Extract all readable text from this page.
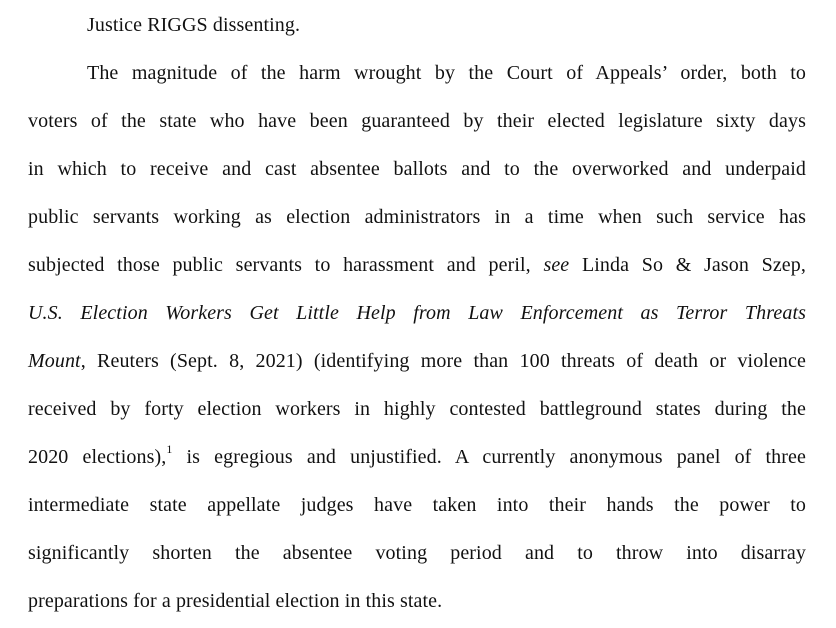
Justice RIGGS dissenting.
The magnitude of the harm wrought by the Court of Appeals’ order, both to
voters of the state who have been guaranteed by their elected legislature sixty days
in which to receive and cast absentee ballots and to the overworked and underpaid
public servants working as election administrators in a time when such service has
subjected those public servants to harassment and peril, see Linda So & Jason Szep,
U.S. Election Workers Get Little Help from Law Enforcement as Terror Threats
Mount, Reuters (Sept. 8, 2021) (identifying more than 100 threats of death or violence
received by forty election workers in highly contested battleground states during the
2020 elections),$^1$ is egregious and unjustified. A currently anonymous panel of three
intermediate state appellate judges have taken into their hands the power to
significantly shorten the absentee voting period and to throw into disarray
preparations for a presidential election in this state.
